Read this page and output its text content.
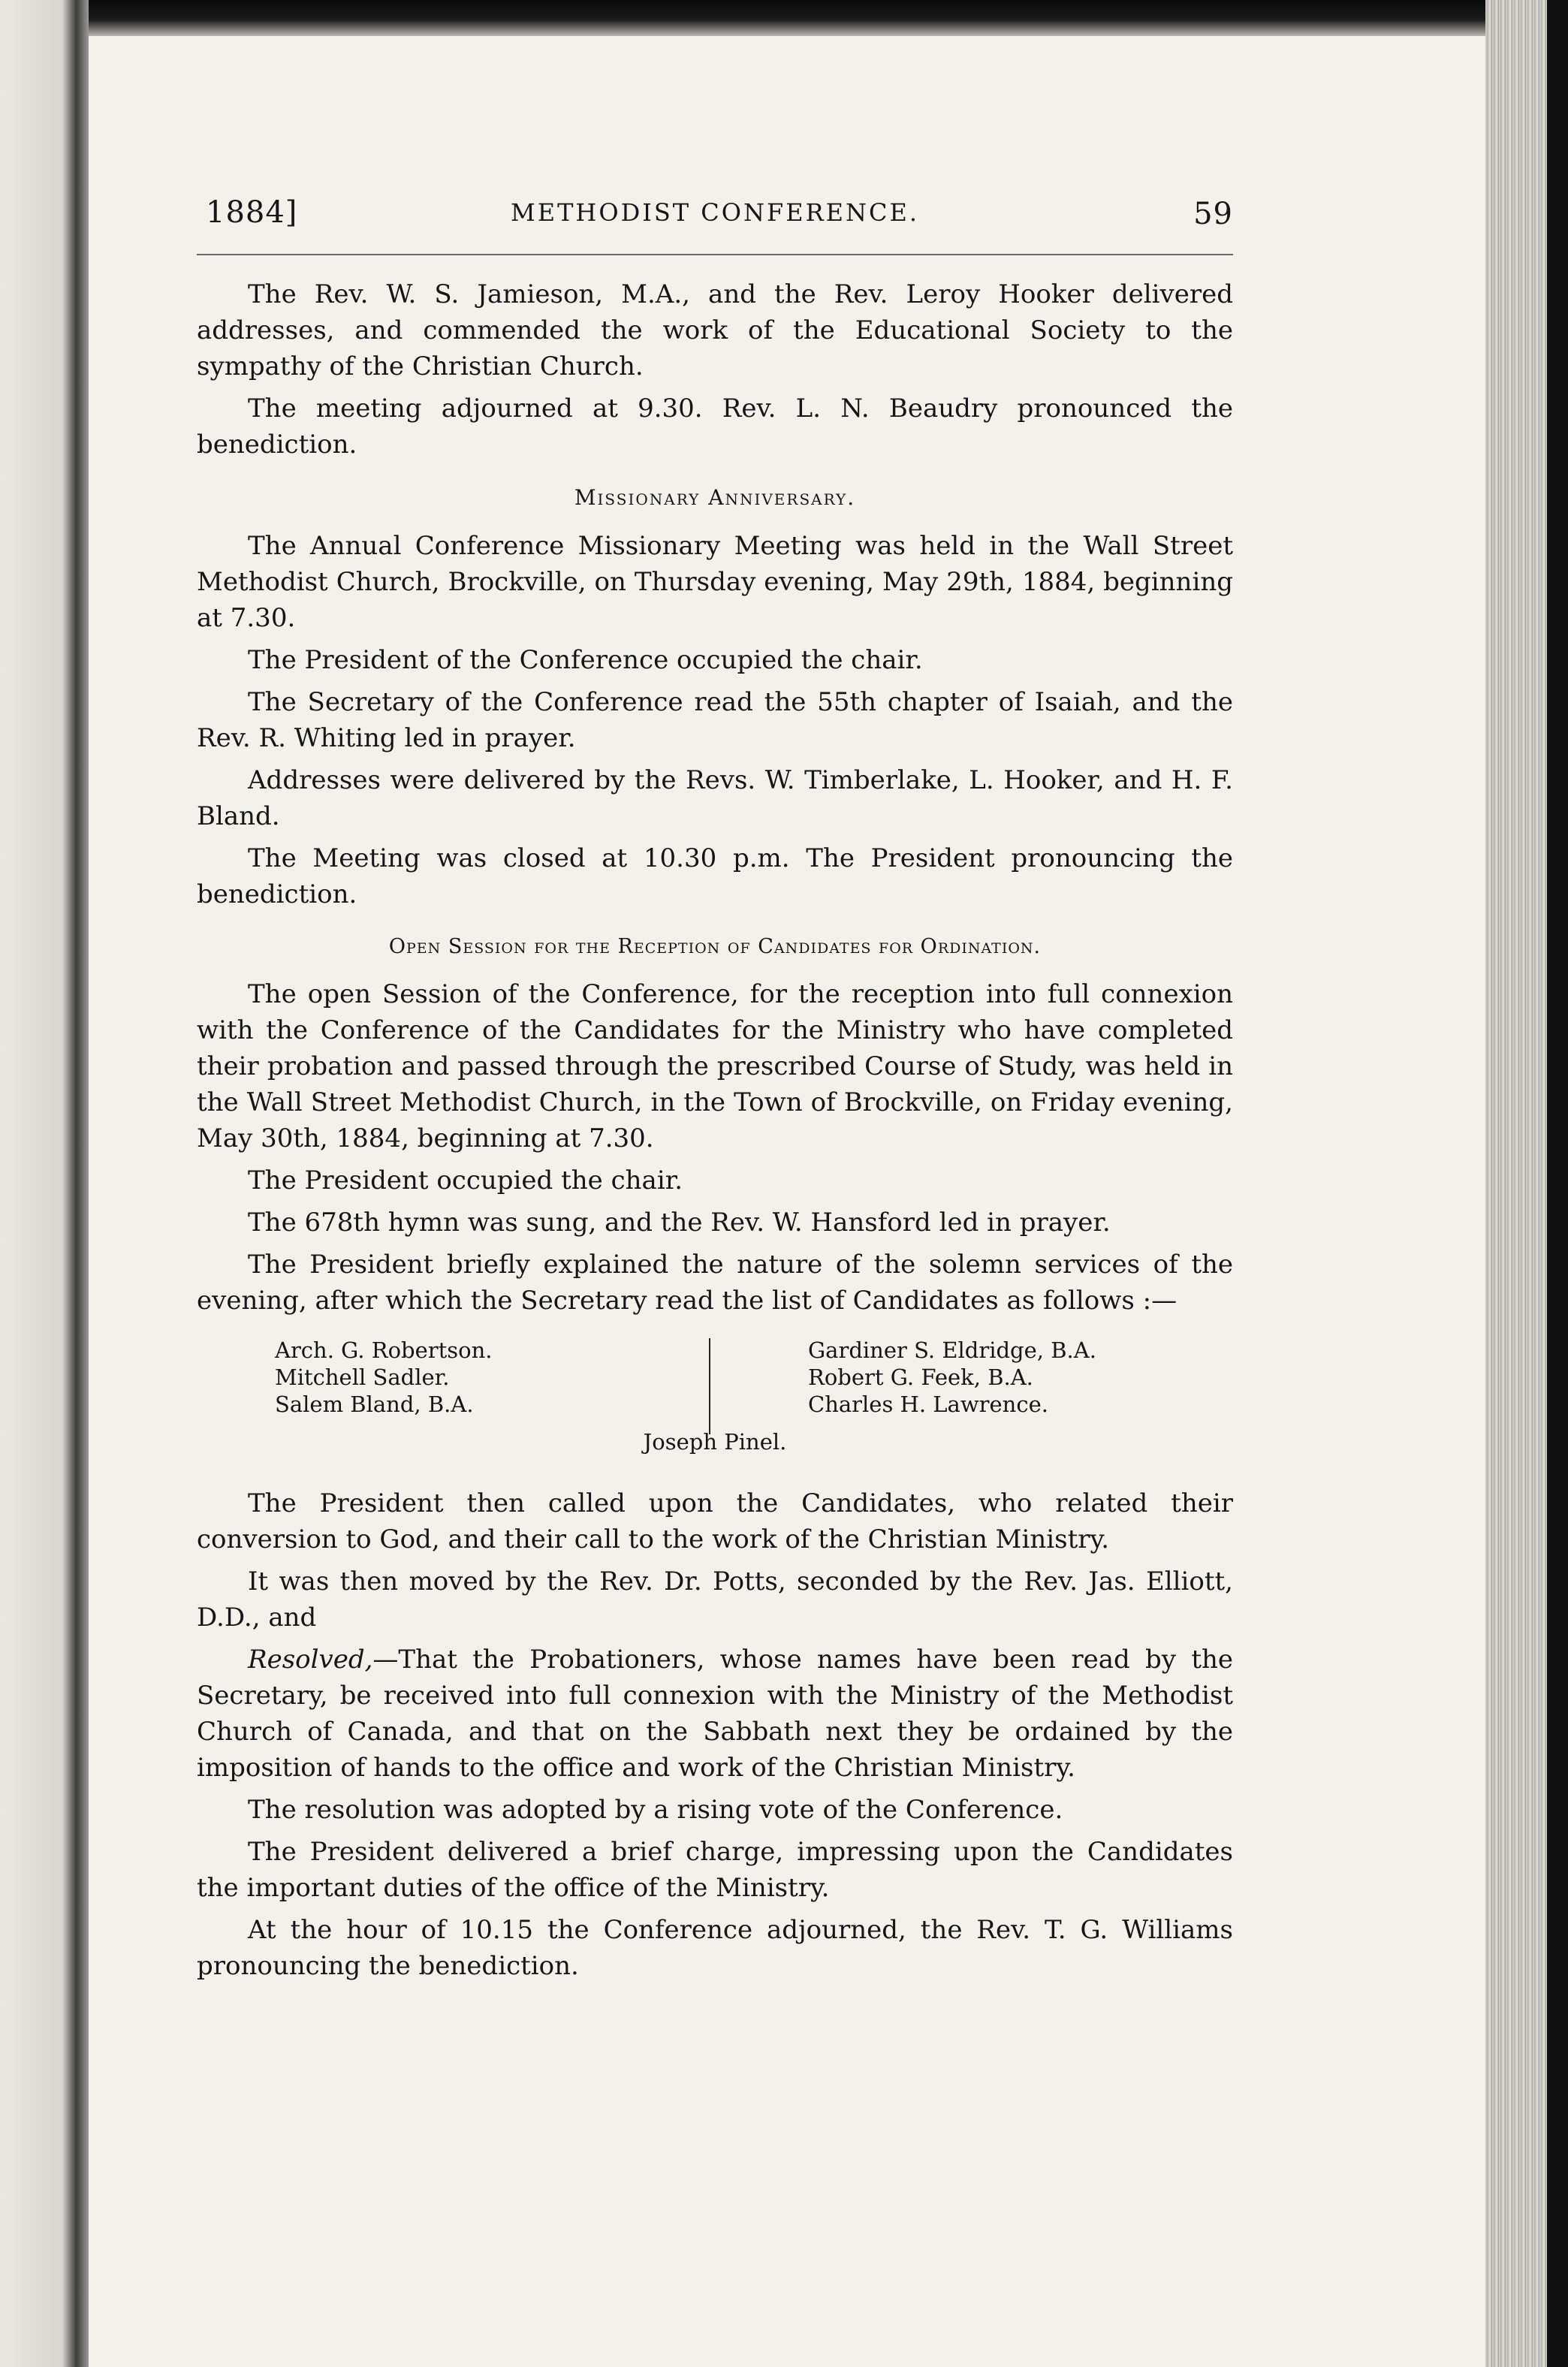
1884]	METHODIST CONFERENCE.	59

The Rev. W. S. Jamieson, M.A., and the Rev. Leroy Hooker delivered addresses, and commended the work of the Educational Society to the sympathy of the Christian Church.

The meeting adjourned at 9.30. Rev. L. N. Beaudry pronounced the benediction.

Missionary Anniversary.

The Annual Conference Missionary Meeting was held in the Wall Street Methodist Church, Brockville, on Thursday evening, May 29th, 1884, beginning at 7.30.

The President of the Conference occupied the chair.

The Secretary of the Conference read the 55th chapter of Isaiah, and the Rev. R. Whiting led in prayer.

Addresses were delivered by the Revs. W. Timberlake, L. Hooker, and H. F. Bland.

The Meeting was closed at 10.30 p.m. The President pronouncing the benediction.

Open Session for the Reception of Candidates for Ordination.

The open Session of the Conference, for the reception into full connexion with the Conference of the Candidates for the Ministry who have completed their probation and passed through the prescribed Course of Study, was held in the Wall Street Methodist Church, in the Town of Brockville, on Friday evening, May 30th, 1884, beginning at 7.30.

The President occupied the chair.

The 678th hymn was sung, and the Rev. W. Hansford led in prayer.

The President briefly explained the nature of the solemn services of the evening, after which the Secretary read the list of Candidates as follows :—

Arch. G. Robertson.
Mitchell Sadler.
Salem Bland, B.A.
Gardiner S. Eldridge, B.A.
Robert G. Feek, B.A.
Charles H. Lawrence.
Joseph Pinel.

The President then called upon the Candidates, who related their conversion to God, and their call to the work of the Christian Ministry.

It was then moved by the Rev. Dr. Potts, seconded by the Rev. Jas. Elliott, D.D., and

Resolved,—That the Probationers, whose names have been read by the Secretary, be received into full connexion with the Ministry of the Methodist Church of Canada, and that on the Sabbath next they be ordained by the imposition of hands to the office and work of the Christian Ministry.

The resolution was adopted by a rising vote of the Conference.

The President delivered a brief charge, impressing upon the Candidates the important duties of the office of the Ministry.

At the hour of 10.15 the Conference adjourned, the Rev. T. G. Williams pronouncing the benediction.
